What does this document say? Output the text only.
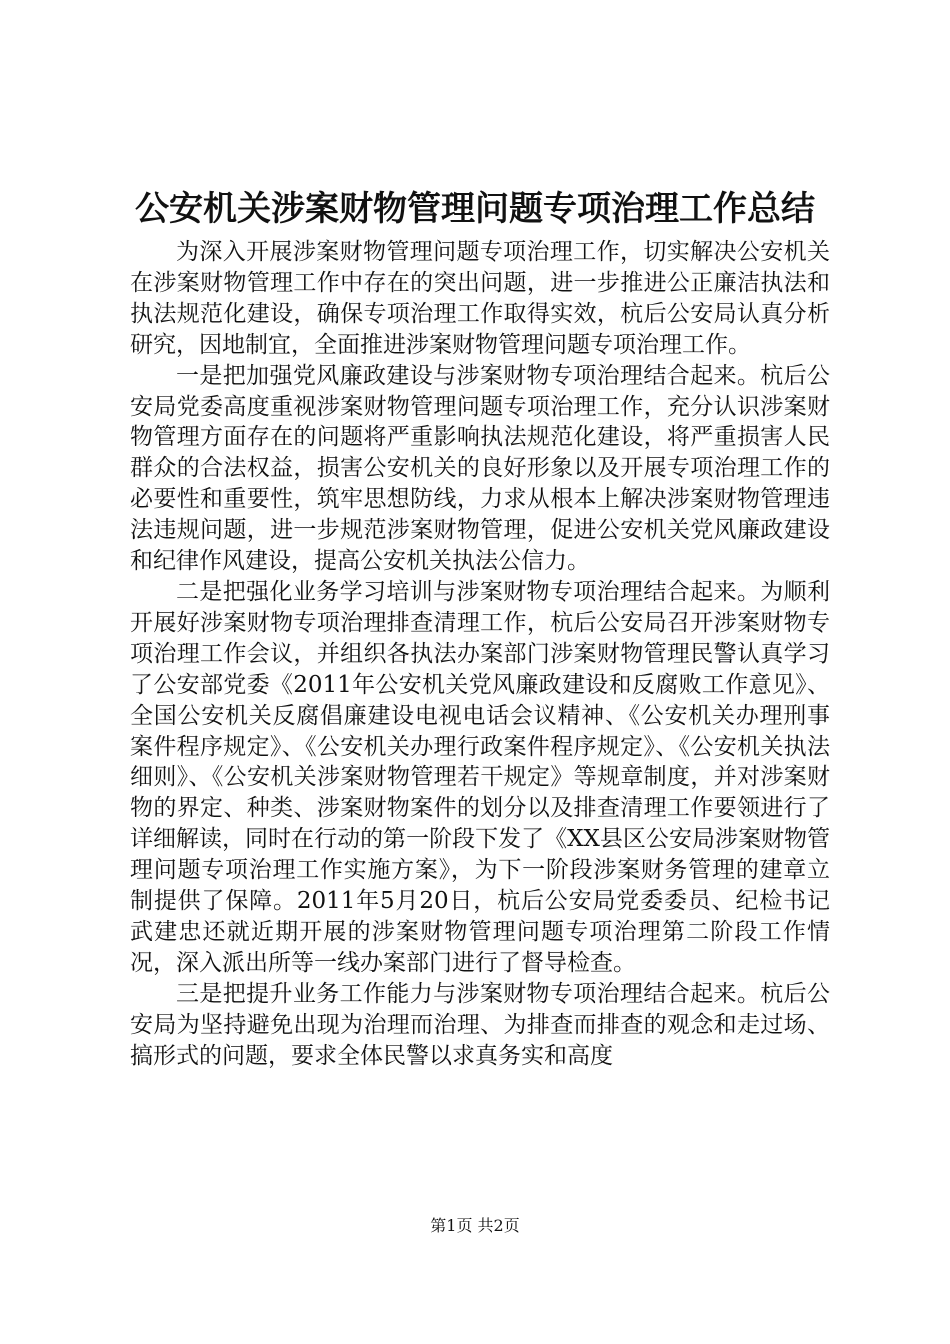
公安机关涉案财物管理问题专项治理工作总结

为深入开展涉案财物管理问题专项治理工作，切实解决公安机关在涉案财物管理工作中存在的突出问题，进一步推进公正廉洁执法和执法规范化建设，确保专项治理工作取得实效，杭后公安局认真分析研究，因地制宜，全面推进涉案财物管理问题专项治理工作。

一是把加强党风廉政建设与涉案财物专项治理结合起来。杭后公安局党委高度重视涉案财物管理问题专项治理工作，充分认识涉案财物管理方面存在的问题将严重影响执法规范化建设，将严重损害人民群众的合法权益，损害公安机关的良好形象以及开展专项治理工作的必要性和重要性，筑牢思想防线，力求从根本上解决涉案财物管理违法违规问题，进一步规范涉案财物管理，促进公安机关党风廉政建设和纪律作风建设，提高公安机关执法公信力。

二是把强化业务学习培训与涉案财物专项治理结合起来。为顺利开展好涉案财物专项治理排查清理工作，杭后公安局召开涉案财物专项治理工作会议，并组织各执法办案部门涉案财物管理民警认真学习了公安部党委《2011年公安机关党风廉政建设和反腐败工作意见》、全国公安机关反腐倡廉建设电视电话会议精神、《公安机关办理刑事案件程序规定》、《公安机关办理行政案件程序规定》、《公安机关执法细则》、《公安机关涉案财物管理若干规定》等规章制度，并对涉案财物的界定、种类、涉案财物案件的划分以及排查清理工作要领进行了详细解读，同时在行动的第一阶段下发了《XX县区公安局涉案财物管理问题专项治理工作实施方案》，为下一阶段涉案财务管理的建章立制提供了保障。2011年5月20日，杭后公安局党委委员、纪检书记武建忠还就近期开展的涉案财物管理问题专项治理第二阶段工作情况，深入派出所等一线办案部门进行了督导检查。

三是把提升业务工作能力与涉案财物专项治理结合起来。杭后公安局为坚持避免出现为治理而治理、为排查而排查的观念和走过场、搞形式的问题，要求全体民警以求真务实和高度

第1页 共2页
